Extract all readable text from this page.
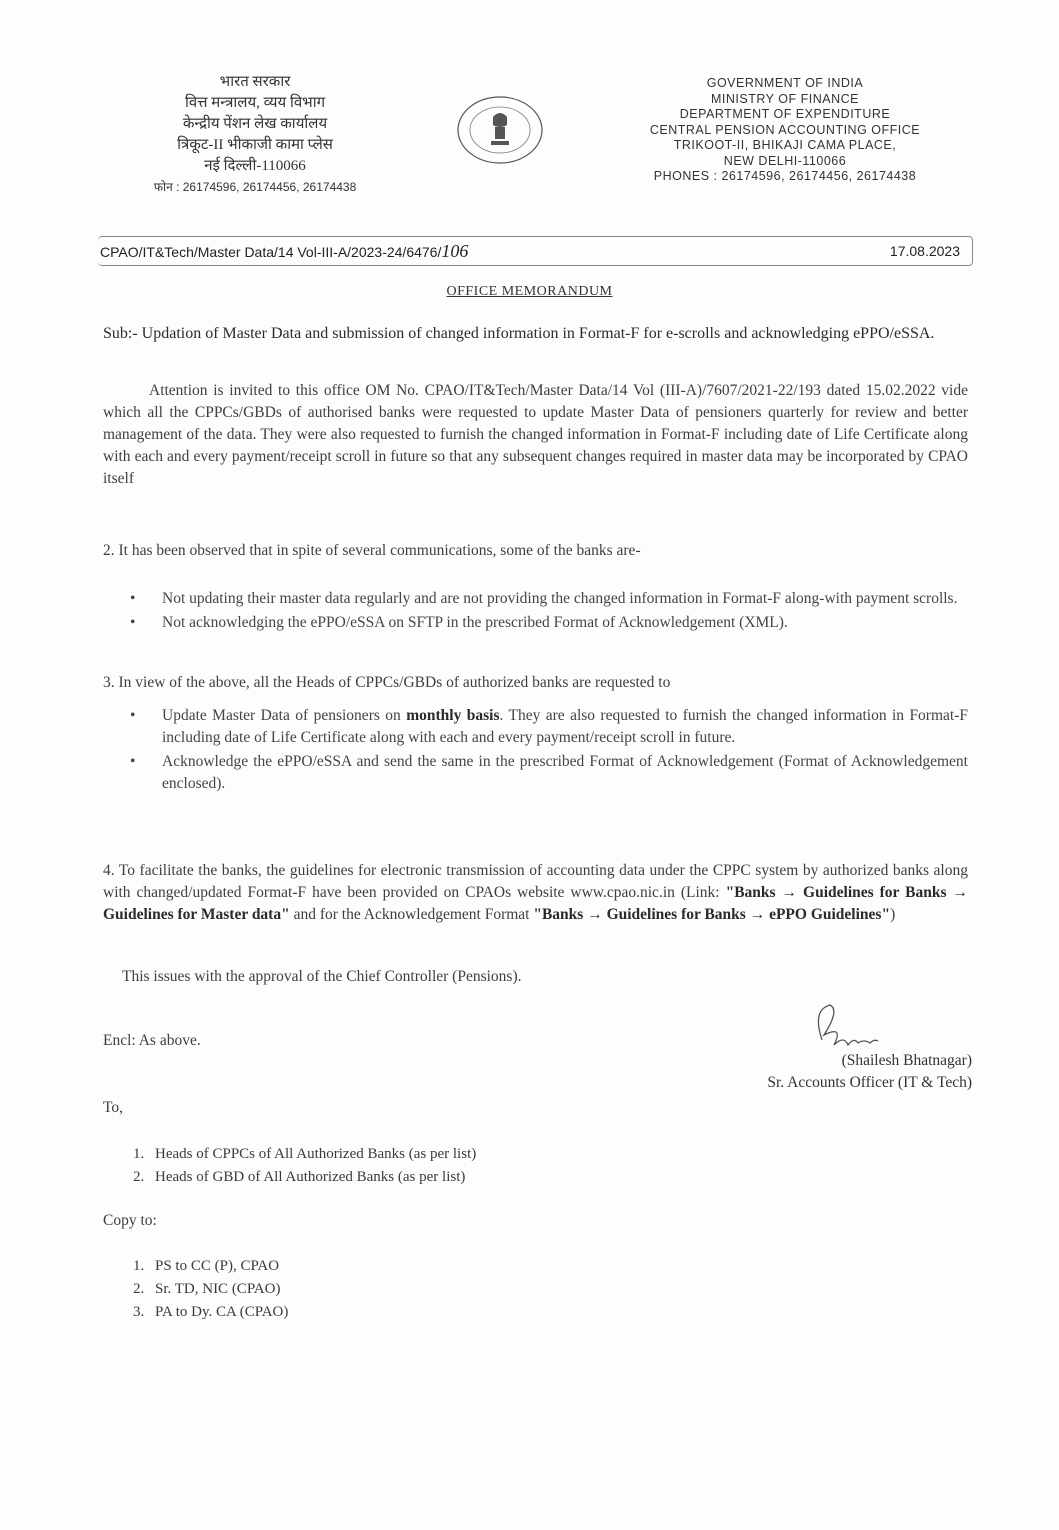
भारत सरकार
वित्त मन्त्रालय, व्यय विभाग
केन्द्रीय पेंशन लेख कार्यालय
त्रिकूट-II भीकाजी कामा प्लेस
नई दिल्ली-110066
फोन : 26174596, 26174456, 26174438
GOVERNMENT OF INDIA
MINISTRY OF FINANCE
DEPARTMENT OF EXPENDITURE
CENTRAL PENSION ACCOUNTING OFFICE
TRIKOOT-II, BHIKAJI CAMA PLACE,
NEW DELHI-110066
PHONES : 26174596, 26174456, 26174438
CPAO/IT&Tech/Master Data/14 Vol-III-A/2023-24/6476/106	17.08.2023
OFFICE MEMORANDUM
Sub:- Updation of Master Data and submission of changed information in Format-F for e-scrolls and acknowledging ePPO/eSSA.
Attention is invited to this office OM No. CPAO/IT&Tech/Master Data/14 Vol (III-A)/7607/2021-22/193 dated 15.02.2022 vide which all the CPPCs/GBDs of authorised banks were requested to update Master Data of pensioners quarterly for review and better management of the data. They were also requested to furnish the changed information in Format-F including date of Life Certificate along with each and every payment/receipt scroll in future so that any subsequent changes required in master data may be incorporated by CPAO itself
2. It has been observed that in spite of several communications, some of the banks are-
• Not updating their master data regularly and are not providing the changed information in Format-F along-with payment scrolls.
• Not acknowledging the ePPO/eSSA on SFTP in the prescribed Format of Acknowledgement (XML).
3. In view of the above, all the Heads of CPPCs/GBDs of authorized banks are requested to
• Update Master Data of pensioners on monthly basis. They are also requested to furnish the changed information in Format-F including date of Life Certificate along with each and every payment/receipt scroll in future.
• Acknowledge the ePPO/eSSA and send the same in the prescribed Format of Acknowledgement (Format of Acknowledgement enclosed).
4. To facilitate the banks, the guidelines for electronic transmission of accounting data under the CPPC system by authorized banks along with changed/updated Format-F have been provided on CPAOs website www.cpao.nic.in (Link: "Banks → Guidelines for Banks → Guidelines for Master data" and for the Acknowledgement Format "Banks → Guidelines for Banks → ePPO Guidelines")
This issues with the approval of the Chief Controller (Pensions).
Encl: As above.
(Shailesh Bhatnagar)
Sr. Accounts Officer (IT & Tech)
To,
1. Heads of CPPCs of All Authorized Banks (as per list)
2. Heads of GBD of All Authorized Banks (as per list)
Copy to:
1. PS to CC (P), CPAO
2. Sr. TD, NIC (CPAO)
3. PA to Dy. CA (CPAO)
